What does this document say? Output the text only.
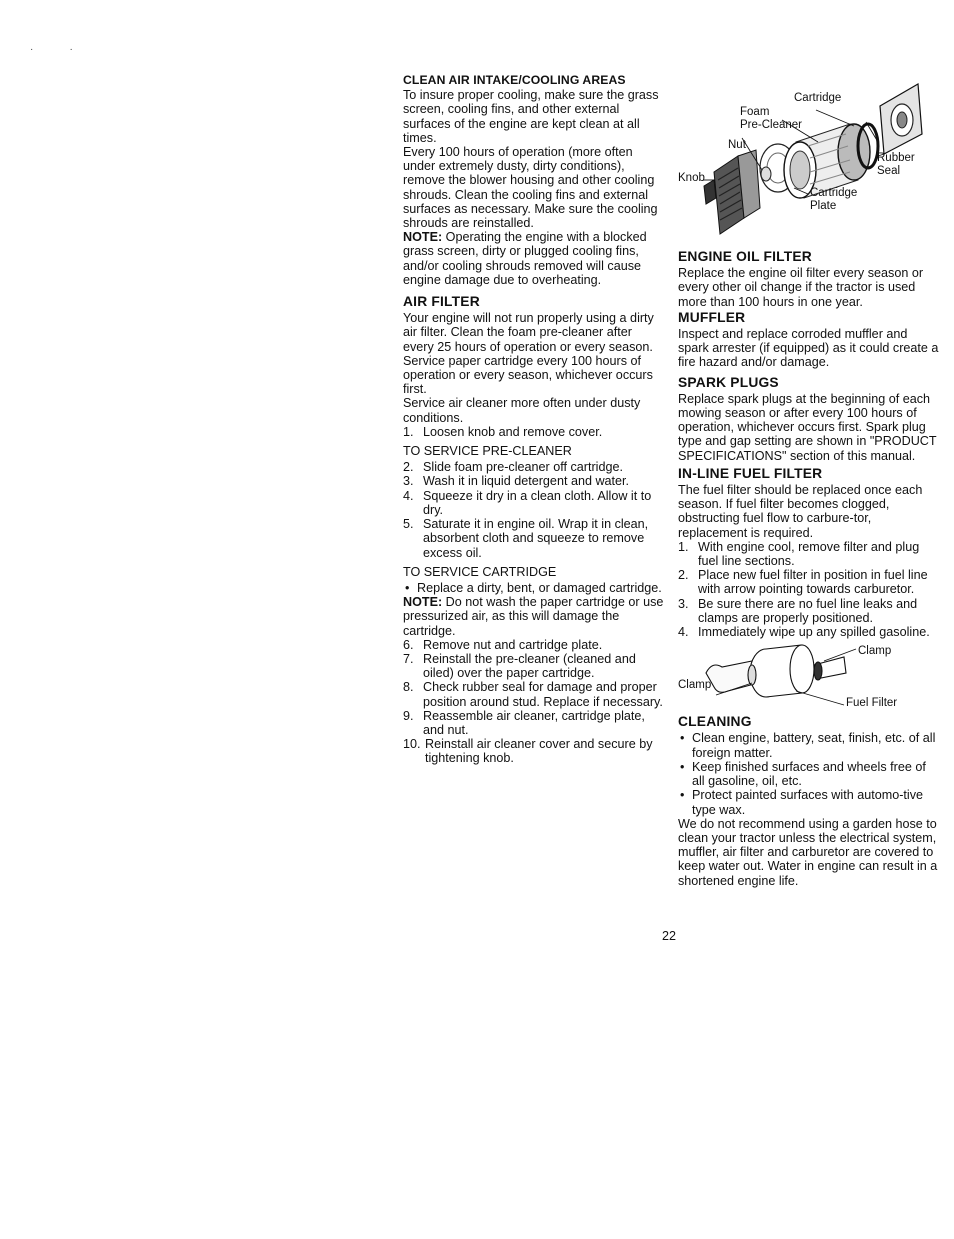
·             ·
CLEAN AIR INTAKE/COOLING AREAS

To insure proper cooling, make sure the grass screen, cooling fins, and other external surfaces of the engine are kept clean at all times.

Every 100 hours of operation (more often under extremely dusty, dirty conditions), remove the blower housing and other cooling shrouds. Clean the cooling fins and external surfaces as necessary. Make sure the cooling shrouds are reinstalled.

NOTE: Operating the engine with a blocked grass screen, dirty or plugged cooling fins, and/or cooling shrouds removed will cause engine damage due to overheating.

AIR FILTER

Your engine will not run properly using a dirty air filter. Clean the foam pre-cleaner after every 25 hours of operation or every season. Service paper cartridge every 100 hours of operation or every season, whichever occurs first.

Service air cleaner more often under dusty conditions.

1. Loosen knob and remove cover.
TO SERVICE PRE-CLEANER
2. Slide foam pre-cleaner off cartridge.
3. Wash it in liquid detergent and water.
4. Squeeze it dry in a clean cloth. Allow it to dry.
5. Saturate it in engine oil. Wrap it in clean, absorbent cloth and squeeze to remove excess oil.
TO SERVICE CARTRIDGE
• Replace a dirty, bent, or damaged cartridge.

NOTE: Do not wash the paper cartridge or use pressurized air, as this will damage the cartridge.

6. Remove nut and cartridge plate.
7. Reinstall the pre-cleaner (cleaned and oiled) over the paper cartridge.
8. Check rubber seal for damage and proper position around stud. Replace if necessary.
9. Reassemble air cleaner, cartridge plate, and nut.
10. Reinstall air cleaner cover and secure by tightening knob.
Cartridge
Foam
Pre-Cleaner
Nut
Rubber
Seal
Knob
Cartridge
Plate
ENGINE OIL FILTER

Replace the engine oil filter every season or every other oil change if the tractor is used more than 100 hours in one year.

MUFFLER

Inspect and replace corroded muffler and spark arrester (if equipped) as it could create a fire hazard and/or damage.

SPARK PLUGS

Replace spark plugs at the beginning of each mowing season or after every 100 hours of operation, whichever occurs first. Spark plug type and gap setting are shown in "PRODUCT SPECIFICATIONS" section of this manual.

IN-LINE FUEL FILTER

The fuel filter should be replaced once each season. If fuel filter becomes clogged, obstructing fuel flow to carbure-tor, replacement is required.

1. With engine cool, remove filter and plug fuel line sections.
2. Place new fuel filter in position in fuel line with arrow pointing towards carburetor.
3. Be sure there are no fuel line leaks and clamps are properly positioned.
4. Immediately wipe up any spilled gasoline.
Clamp
Clamp
Fuel Filter
CLEANING
• Clean engine, battery, seat, finish, etc. of all foreign matter.
• Keep finished surfaces and wheels free of all gasoline, oil, etc.
• Protect painted surfaces with automo-tive type wax.

We do not recommend using a garden hose to clean your tractor unless the electrical system, muffler, air filter and carburetor are covered to keep water out. Water in engine can result in a shortened engine life.

22
